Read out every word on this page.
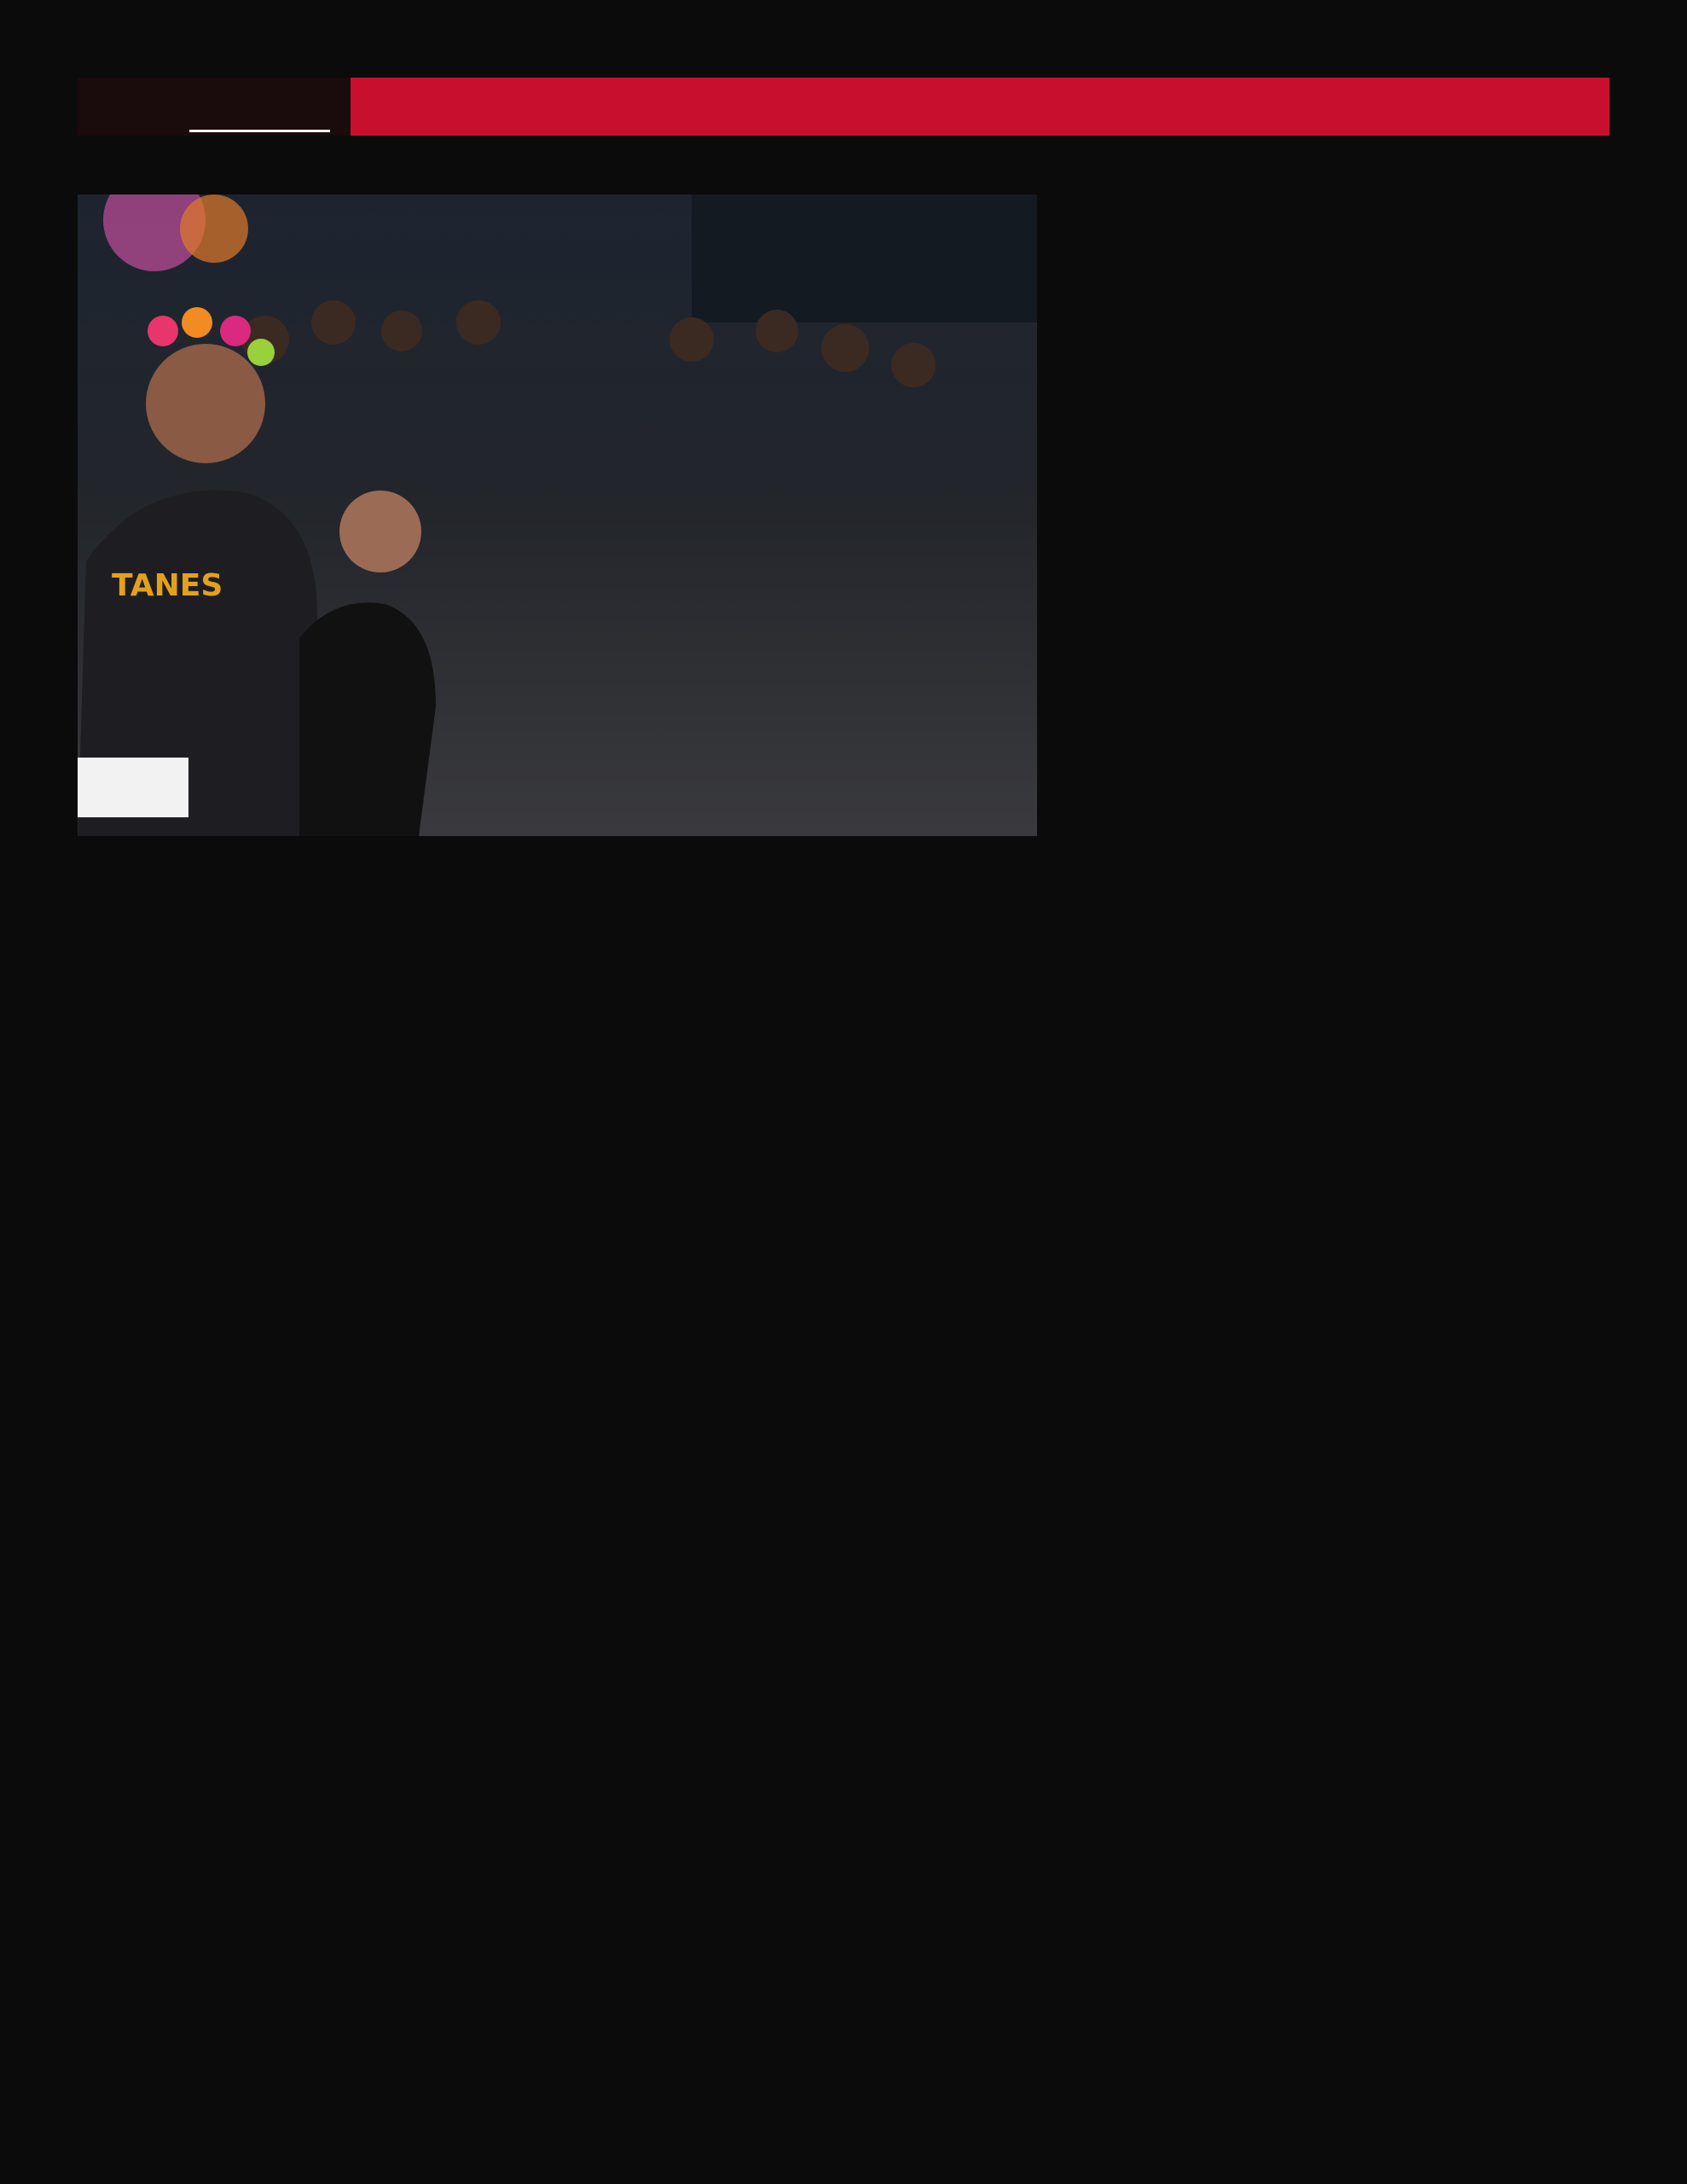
TANES
